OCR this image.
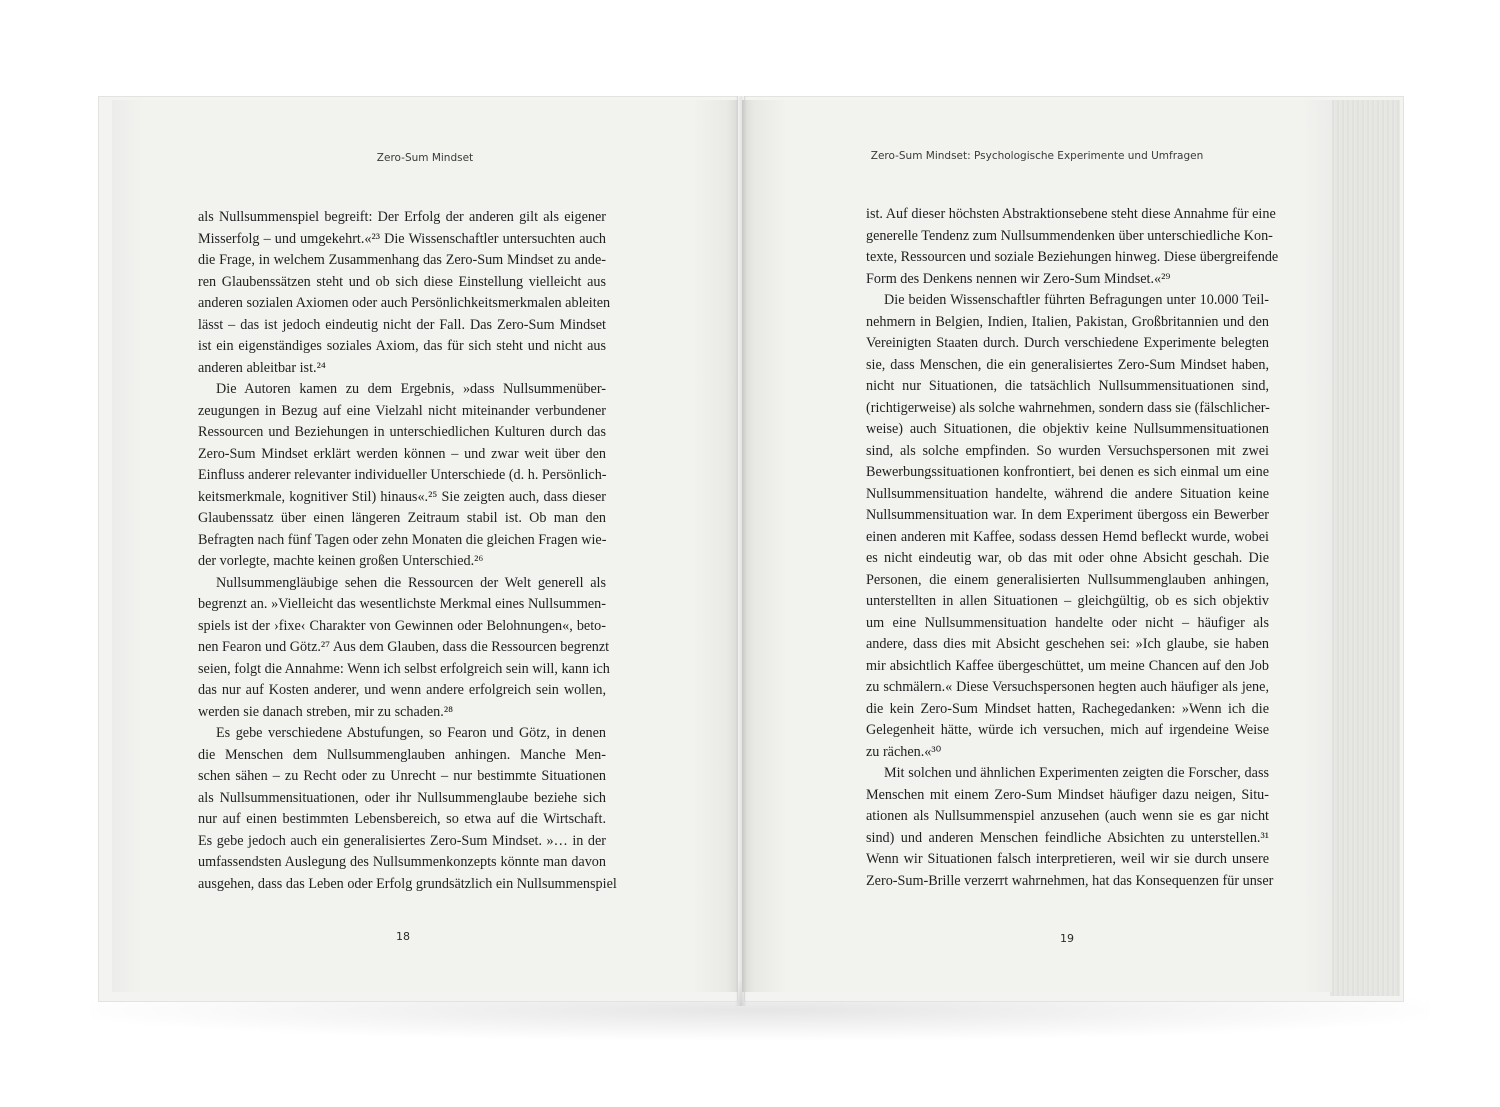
Zero-Sum Mindset	Zero-Sum Mindset: Psychologische Experimente und Umfragen
als Nullsummenspiel begreift: Der Erfolg der anderen gilt als eigener
Misserfolg – und umgekehrt.«²³ Die Wissenschaftler untersuchten auch
die Frage, in welchem Zusammenhang das Zero-Sum Mindset zu ande-
ren Glaubenssätzen steht und ob sich diese Einstellung vielleicht aus
anderen sozialen Axiomen oder auch Persönlichkeitsmerkmalen ableiten
lässt – das ist jedoch eindeutig nicht der Fall. Das Zero-Sum Mindset
ist ein eigenständiges soziales Axiom, das für sich steht und nicht aus
anderen ableitbar ist.²⁴
Die Autoren kamen zu dem Ergebnis, »dass Nullsummenüber-
zeugungen in Bezug auf eine Vielzahl nicht miteinander verbundener
Ressourcen und Beziehungen in unterschiedlichen Kulturen durch das
Zero-Sum Mindset erklärt werden können – und zwar weit über den
Einfluss anderer relevanter individueller Unterschiede (d. h. Persönlich-
keitsmerkmale, kognitiver Stil) hinaus«.²⁵ Sie zeigten auch, dass dieser
Glaubenssatz über einen längeren Zeitraum stabil ist. Ob man den
Befragten nach fünf Tagen oder zehn Monaten die gleichen Fragen wie-
der vorlegte, machte keinen großen Unterschied.²⁶
Nullsummengläubige sehen die Ressourcen der Welt generell als
begrenzt an. »Vielleicht das wesentlichste Merkmal eines Nullsummen-
spiels ist der ›fixe‹ Charakter von Gewinnen oder Belohnungen«, beto-
nen Fearon und Götz.²⁷ Aus dem Glauben, dass die Ressourcen begrenzt
seien, folgt die Annahme: Wenn ich selbst erfolgreich sein will, kann ich
das nur auf Kosten anderer, und wenn andere erfolgreich sein wollen,
werden sie danach streben, mir zu schaden.²⁸
Es gebe verschiedene Abstufungen, so Fearon und Götz, in denen
die Menschen dem Nullsummenglauben anhingen. Manche Men-
schen sähen – zu Recht oder zu Unrecht – nur bestimmte Situationen
als Nullsummensituationen, oder ihr Nullsummenglaube beziehe sich
nur auf einen bestimmten Lebensbereich, so etwa auf die Wirtschaft.
Es gebe jedoch auch ein generalisiertes Zero-Sum Mindset. »… in der
umfassendsten Auslegung des Nullsummenkonzepts könnte man davon
ausgehen, dass das Leben oder Erfolg grundsätzlich ein Nullsummenspiel
ist. Auf dieser höchsten Abstraktionsebene steht diese Annahme für eine
generelle Tendenz zum Nullsummendenken über unterschiedliche Kon-
texte, Ressourcen und soziale Beziehungen hinweg. Diese übergreifende
Form des Denkens nennen wir Zero-Sum Mindset.«²⁹
Die beiden Wissenschaftler führten Befragungen unter 10.000 Teil-
nehmern in Belgien, Indien, Italien, Pakistan, Großbritannien und den
Vereinigten Staaten durch. Durch verschiedene Experimente belegten
sie, dass Menschen, die ein generalisiertes Zero-Sum Mindset haben,
nicht nur Situationen, die tatsächlich Nullsummensituationen sind,
(richtigerweise) als solche wahrnehmen, sondern dass sie (fälschlicher-
weise) auch Situationen, die objektiv keine Nullsummensituationen
sind, als solche empfinden. So wurden Versuchspersonen mit zwei
Bewerbungssituationen konfrontiert, bei denen es sich einmal um eine
Nullsummensituation handelte, während die andere Situation keine
Nullsummensituation war. In dem Experiment übergoss ein Bewerber
einen anderen mit Kaffee, sodass dessen Hemd befleckt wurde, wobei
es nicht eindeutig war, ob das mit oder ohne Absicht geschah. Die
Personen, die einem generalisierten Nullsummenglauben anhingen,
unterstellten in allen Situationen – gleichgültig, ob es sich objektiv
um eine Nullsummensituation handelte oder nicht – häufiger als
andere, dass dies mit Absicht geschehen sei: »Ich glaube, sie haben
mir absichtlich Kaffee übergeschüttet, um meine Chancen auf den Job
zu schmälern.« Diese Versuchspersonen hegten auch häufiger als jene,
die kein Zero-Sum Mindset hatten, Rachegedanken: »Wenn ich die
Gelegenheit hätte, würde ich versuchen, mich auf irgendeine Weise
zu rächen.«³⁰
Mit solchen und ähnlichen Experimenten zeigten die Forscher, dass
Menschen mit einem Zero-Sum Mindset häufiger dazu neigen, Situ-
ationen als Nullsummenspiel anzusehen (auch wenn sie es gar nicht
sind) und anderen Menschen feindliche Absichten zu unterstellen.³¹
Wenn wir Situationen falsch interpretieren, weil wir sie durch unsere
Zero-Sum-Brille verzerrt wahrnehmen, hat das Konsequenzen für unser
18	19
